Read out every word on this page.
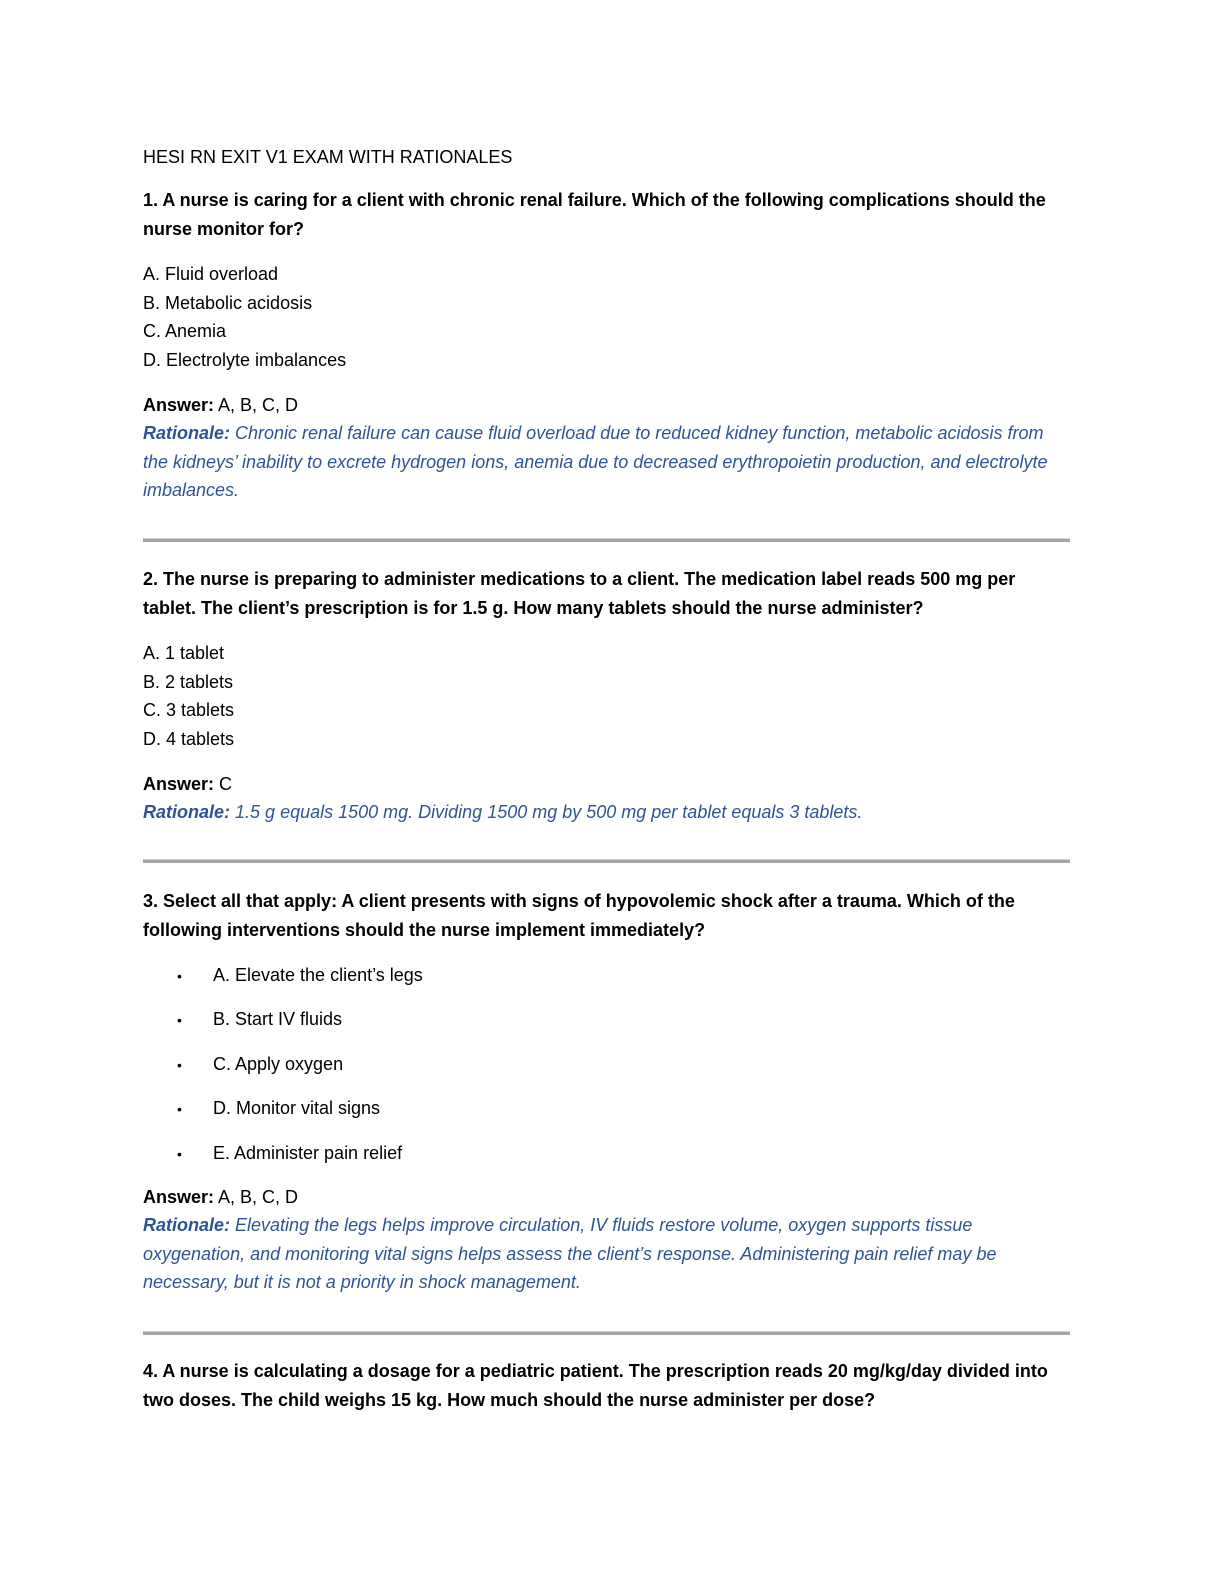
HESI RN EXIT V1 EXAM WITH RATIONALES

1. A nurse is caring for a client with chronic renal failure. Which of the following complications should the nurse monitor for?

A. Fluid overload
B. Metabolic acidosis
C. Anemia
D. Electrolyte imbalances
Answer: A, B, C, D

Rationale: Chronic renal failure can cause fluid overload due to reduced kidney function, metabolic acidosis from the kidneys’ inability to excrete hydrogen ions, anemia due to decreased erythropoietin production, and electrolyte imbalances.

2. The nurse is preparing to administer medications to a client. The medication label reads 500 mg per tablet. The client’s prescription is for 1.5 g. How many tablets should the nurse administer?

A. 1 tablet
B. 2 tablets
C. 3 tablets
D. 4 tablets
Answer: C

Rationale: 1.5 g equals 1500 mg. Dividing 1500 mg by 500 mg per tablet equals 3 tablets.

3. Select all that apply: A client presents with signs of hypovolemic shock after a trauma. Which of the following interventions should the nurse implement immediately?

• A. Elevate the client’s legs
• B. Start IV fluids
• C. Apply oxygen
• D. Monitor vital signs
• E. Administer pain relief
Answer: A, B, C, D

Rationale: Elevating the legs helps improve circulation, IV fluids restore volume, oxygen supports tissue oxygenation, and monitoring vital signs helps assess the client’s response. Administering pain relief may be necessary, but it is not a priority in shock management.

4. A nurse is calculating a dosage for a pediatric patient. The prescription reads 20 mg/kg/day divided into two doses. The child weighs 15 kg. How much should the nurse administer per dose?
